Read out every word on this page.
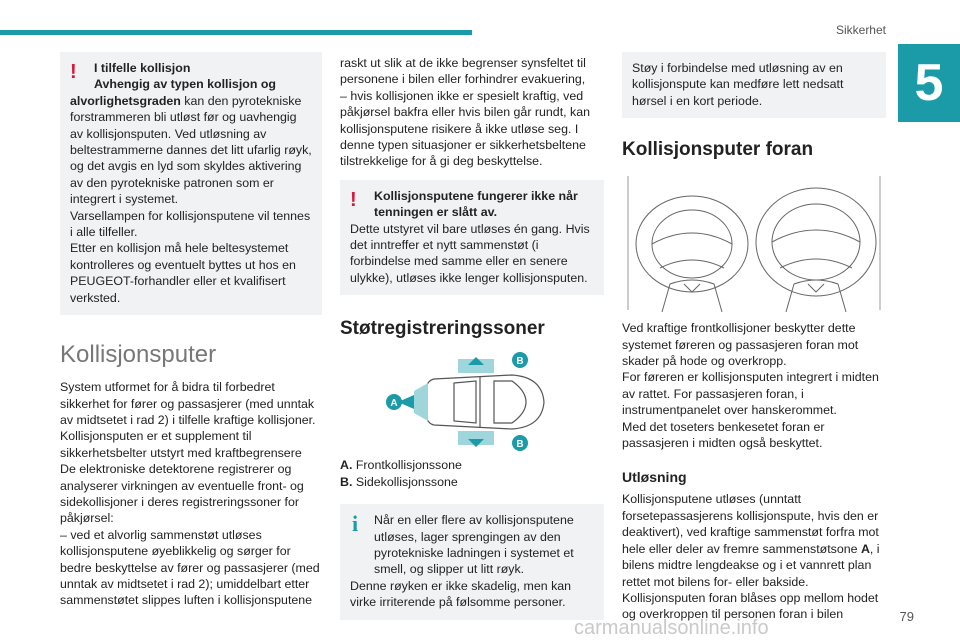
Sikkerhet
5
!	I tilfelle kollisjon

Avhengig av typen kollisjon og

alvorlighetsgraden kan den pyrotekniske forstrammeren bli utløst før og uavhengig av kollisjonsputen. Ved utløsning av beltestrammerne dannes det litt ufarlig røyk, og det avgis en lyd som skyldes aktivering av den pyrotekniske patronen som er integrert i systemet.

Varsellampen for kollisjonsputene vil tennes i alle tilfeller.

Etter en kollisjon må hele beltesystemet kontrolleres og eventuelt byttes ut hos en PEUGEOT-forhandler eller et kvalifisert verksted.

Kollisjonsputer

System utformet for å bidra til forbedret sikkerhet for fører og passasjerer (med unntak av midtsetet i rad 2) i tilfelle kraftige kollisjoner. Kollisjonsputen er et supplement til sikkerhetsbelter utstyrt med kraftbegrensere

De elektroniske detektorene registrerer og analyserer virkningen av eventuelle front- og sidekollisjoner i deres registreringssoner for påkjørsel:

– ved et alvorlig sammenstøt utløses kollisjonsputene øyeblikkelig og sørger for bedre beskyttelse av fører og passasjerer (med unntak av midtsetet i rad 2); umiddelbart etter sammenstøtet slippes luften i kollisjonsputene

raskt ut slik at de ikke begrenser synsfeltet til personene i bilen eller forhindrer evakuering,

– hvis kollisjonen ikke er spesielt kraftig, ved påkjørsel bakfra eller hvis bilen går rundt, kan kollisjonsputene risikere å ikke utløse seg. I denne typen situasjoner er sikkerhetsbeltene tilstrekkelige for å gi deg beskyttelse.

!	Kollisjonsputene fungerer ikke når tenningen er slått av.

Dette utstyret vil bare utløses én gang. Hvis det inntreffer et nytt sammenstøt (i forbindelse med samme eller en senere ulykke), utløses ikke lenger kollisjonsputen.

Støtregistreringssoner
A
B
B

A. Frontkollisjonssone

B. Sidekollisjonssone

i	Når en eller flere av kollisjonsputene utløses, lager sprengingen av den pyrotekniske ladningen i systemet et smell, og slipper ut litt røyk.

Denne røyken er ikke skadelig, men kan virke irriterende på følsomme personer.

Støy i forbindelse med utløsning av en kollisjonspute kan medføre lett nedsatt hørsel i en kort periode.

Kollisjonsputer foran

Ved kraftige frontkollisjoner beskytter dette systemet føreren og passasjeren foran mot skader på hode og overkropp.

For føreren er kollisjonsputen integrert i midten av rattet. For passasjeren foran, i instrumentpanelet over hanskerommet.

Med det toseters benkesetet foran er passasjeren i midten også beskyttet.

Utløsning

Kollisjonsputene utløses (unntatt forsetepassasjerens kollisjonspute, hvis den er deaktivert), ved kraftige sammenstøt forfra mot hele eller deler av fremre sammenstøtsone A, i bilens midtre lengdeakse og i et vannrett plan rettet mot bilens for- eller bakside.

Kollisjonsputen foran blåses opp mellom hodet og overkroppen til personen foran i bilen	79
carmanualsonline.info
